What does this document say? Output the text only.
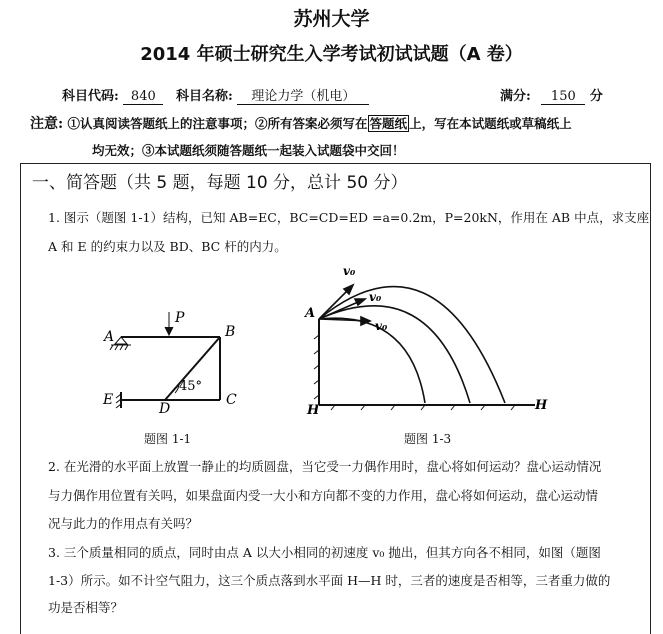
苏州大学
2014 年硕士研究生入学考试初试试题（A 卷）
科目代码: 840	科目名称: 理论力学（机电）	满分: 150 分
注意: ①认真阅读答题纸上的注意事项；②所有答案必须写在 答题纸 上，写在本试题纸或草稿纸上
均无效；③本试题纸须随答题纸一起装入试题袋中交回！
一、简答题（共 5 题，每题 10 分，总计 50 分）
1. 图示（题图 1-1）结构，已知 AB=EC，BC=CD=ED =a=0.2m，P=20kN，作用在 AB 中点，求支座
A 和 E 的约束力以及 BD、BC 杆的内力。
A
P
B
E
D
C
45°
题图 1-1
A
H	H
v₀
v₀
v₀
题图 1-3
2. 在光滑的水平面上放置一静止的均质圆盘，当它受一力偶作用时，盘心将如何运动？盘心运动情况
与力偶作用位置有关吗，如果盘面内受一大小和方向都不变的力作用，盘心将如何运动，盘心运动情
况与此力的作用点有关吗？
3. 三个质量相同的质点，同时由点 A 以大小相同的初速度 v₀ 抛出，但其方向各不相同，如图（题图
1-3）所示。如不计空气阻力，这三个质点落到水平面 H—H 时，三者的速度是否相等，三者重力做的
功是否相等？
